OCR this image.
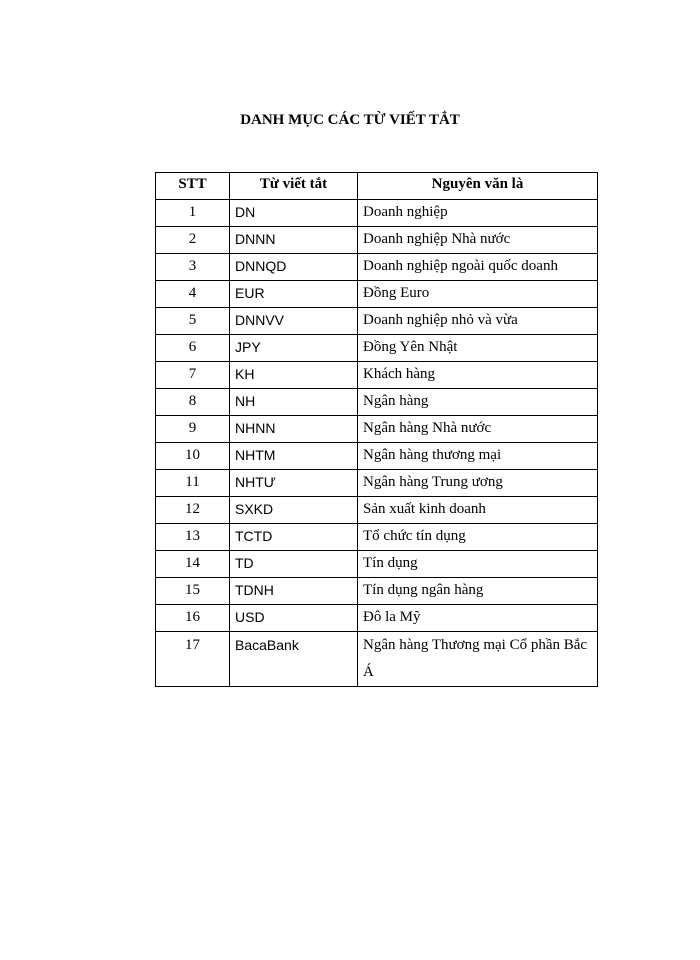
DANH MỤC CÁC TỪ VIẾT TẮT
STT	Từ viết tắt	Nguyên văn là
1	DN	Doanh nghiệp
2	DNNN	Doanh nghiệp Nhà nước
3	DNNQD	Doanh nghiệp ngoài quốc doanh
4	EUR	Đồng Euro
5	DNNVV	Doanh nghiệp nhỏ và vừa
6	JPY	Đồng Yên Nhật
7	KH	Khách hàng
8	NH	Ngân hàng
9	NHNN	Ngân hàng Nhà nước
10	NHTM	Ngân hàng thương mại
11	NHTƯ	Ngân hàng Trung ương
12	SXKD	Sản xuất kinh doanh
13	TCTD	Tổ chức tín dụng
14	TD	Tín dụng
15	TDNH	Tín dụng ngân hàng
16	USD	Đô la Mỹ
17	BacaBank	Ngân hàng Thương mại Cổ phần Bắc Á
